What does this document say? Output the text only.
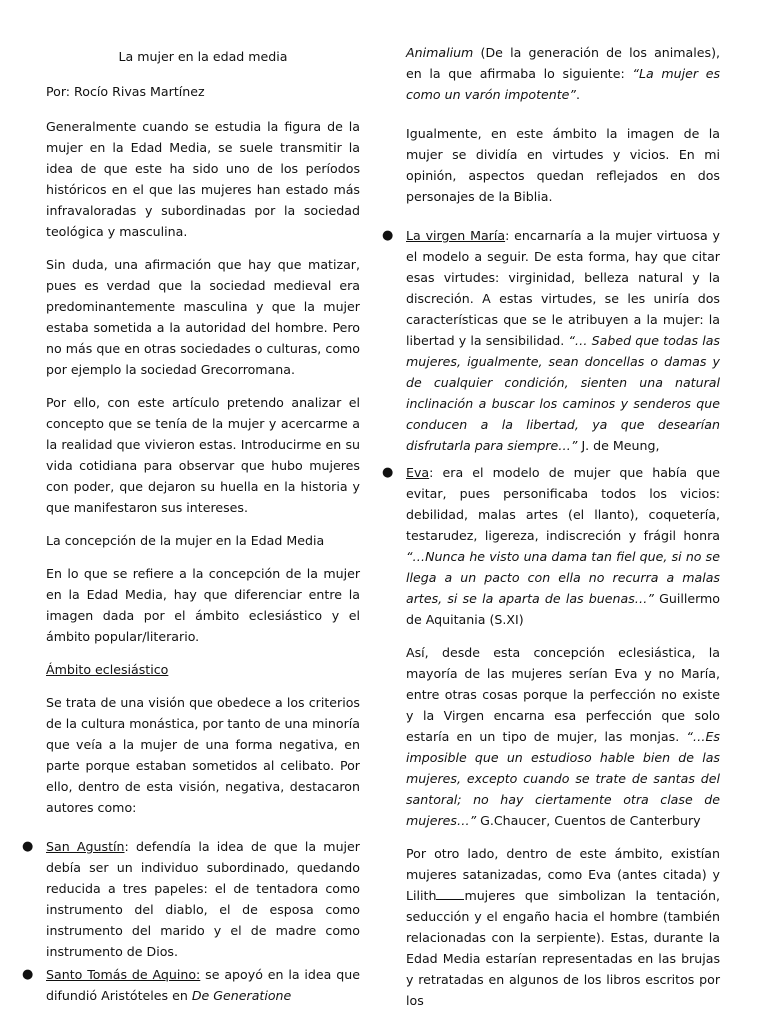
La mujer en la edad media

Por: Rocío Rivas Martínez

Generalmente cuando se estudia la figura de la mujer en la Edad Media, se suele transmitir la idea de que este ha sido uno de los períodos históricos en el que las mujeres han estado más infravaloradas y subordinadas por la sociedad teológica y masculina.

Sin duda, una afirmación que hay que matizar, pues es verdad que la sociedad medieval era predominantemente masculina y que la mujer estaba sometida a la autoridad del hombre. Pero no más que en otras sociedades o culturas, como por ejemplo la sociedad Grecorromana.

Por ello, con este artículo pretendo analizar el concepto que se tenía de la mujer y acercarme a la realidad que vivieron estas. Introducirme en su vida cotidiana para observar que hubo mujeres con poder, que dejaron su huella en la historia y que manifestaron sus intereses.

La concepción de la mujer en la Edad Media

En lo que se refiere a la concepción de la mujer en la Edad Media, hay que diferenciar entre la imagen dada por el ámbito eclesiástico y el ámbito popular/literario.

Ámbito eclesiástico

Se trata de una visión que obedece a los criterios de la cultura monástica, por tanto de una minoría que veía a la mujer de una forma negativa, en parte porque estaban sometidos al celibato. Por ello, dentro de esta visión, negativa, destacaron autores como:

● San Agustín: defendía la idea de que la mujer debía ser un individuo subordinado, quedando reducida a tres papeles: el de tentadora como instrumento del diablo, el de esposa como instrumento del marido y el de madre como instrumento de Dios.

● Santo Tomás de Aquino: se apoyó en la idea que difundió Aristóteles en De Generatione

Animalium (De la generación de los animales), en la que afirmaba lo siguiente: “La mujer es como un varón impotente”.

Igualmente, en este ámbito la imagen de la mujer se dividía en virtudes y vicios. En mi opinión, aspectos quedan reflejados en dos personajes de la Biblia.

● La virgen María: encarnaría a la mujer virtuosa y el modelo a seguir. De esta forma, hay que citar esas virtudes: virginidad, belleza natural y la discreción. A estas virtudes, se les uniría dos características que se le atribuyen a la mujer: la libertad y la sensibilidad. “… Sabed que todas las mujeres, igualmente, sean doncellas o damas y de cualquier condición, sienten una natural inclinación a buscar los caminos y senderos que conducen a la libertad, ya que desearían disfrutarla para siempre…” J. de Meung,

● Eva: era el modelo de mujer que había que evitar, pues personificaba todos los vicios: debilidad, malas artes (el llanto), coquetería, testarudez, ligereza, indiscreción y frágil honra “…Nunca he visto una dama tan fiel que, si no se llega a un pacto con ella no recurra a malas artes, si se la aparta de las buenas…” Guillermo de Aquitania (S.XI)

Así, desde esta concepción eclesiástica, la mayoría de las mujeres serían Eva y no María, entre otras cosas porque la perfección no existe y la Virgen encarna esa perfección que solo estaría en un tipo de mujer, las monjas. “…Es imposible que un estudioso hable bien de las mujeres, excepto cuando se trate de santas del santoral; no hay ciertamente otra clase de mujeres…” G.Chaucer, Cuentos de Canterbury

Por otro lado, dentro de este ámbito, existían mujeres satanizadas, como Eva (antes citada) y Lilith mujeres que simbolizan la tentación, seducción y el engaño hacia el hombre (también relacionadas con la serpiente). Estas, durante la Edad Media estarían representadas en las brujas y retratadas en algunos de los libros escritos por los
